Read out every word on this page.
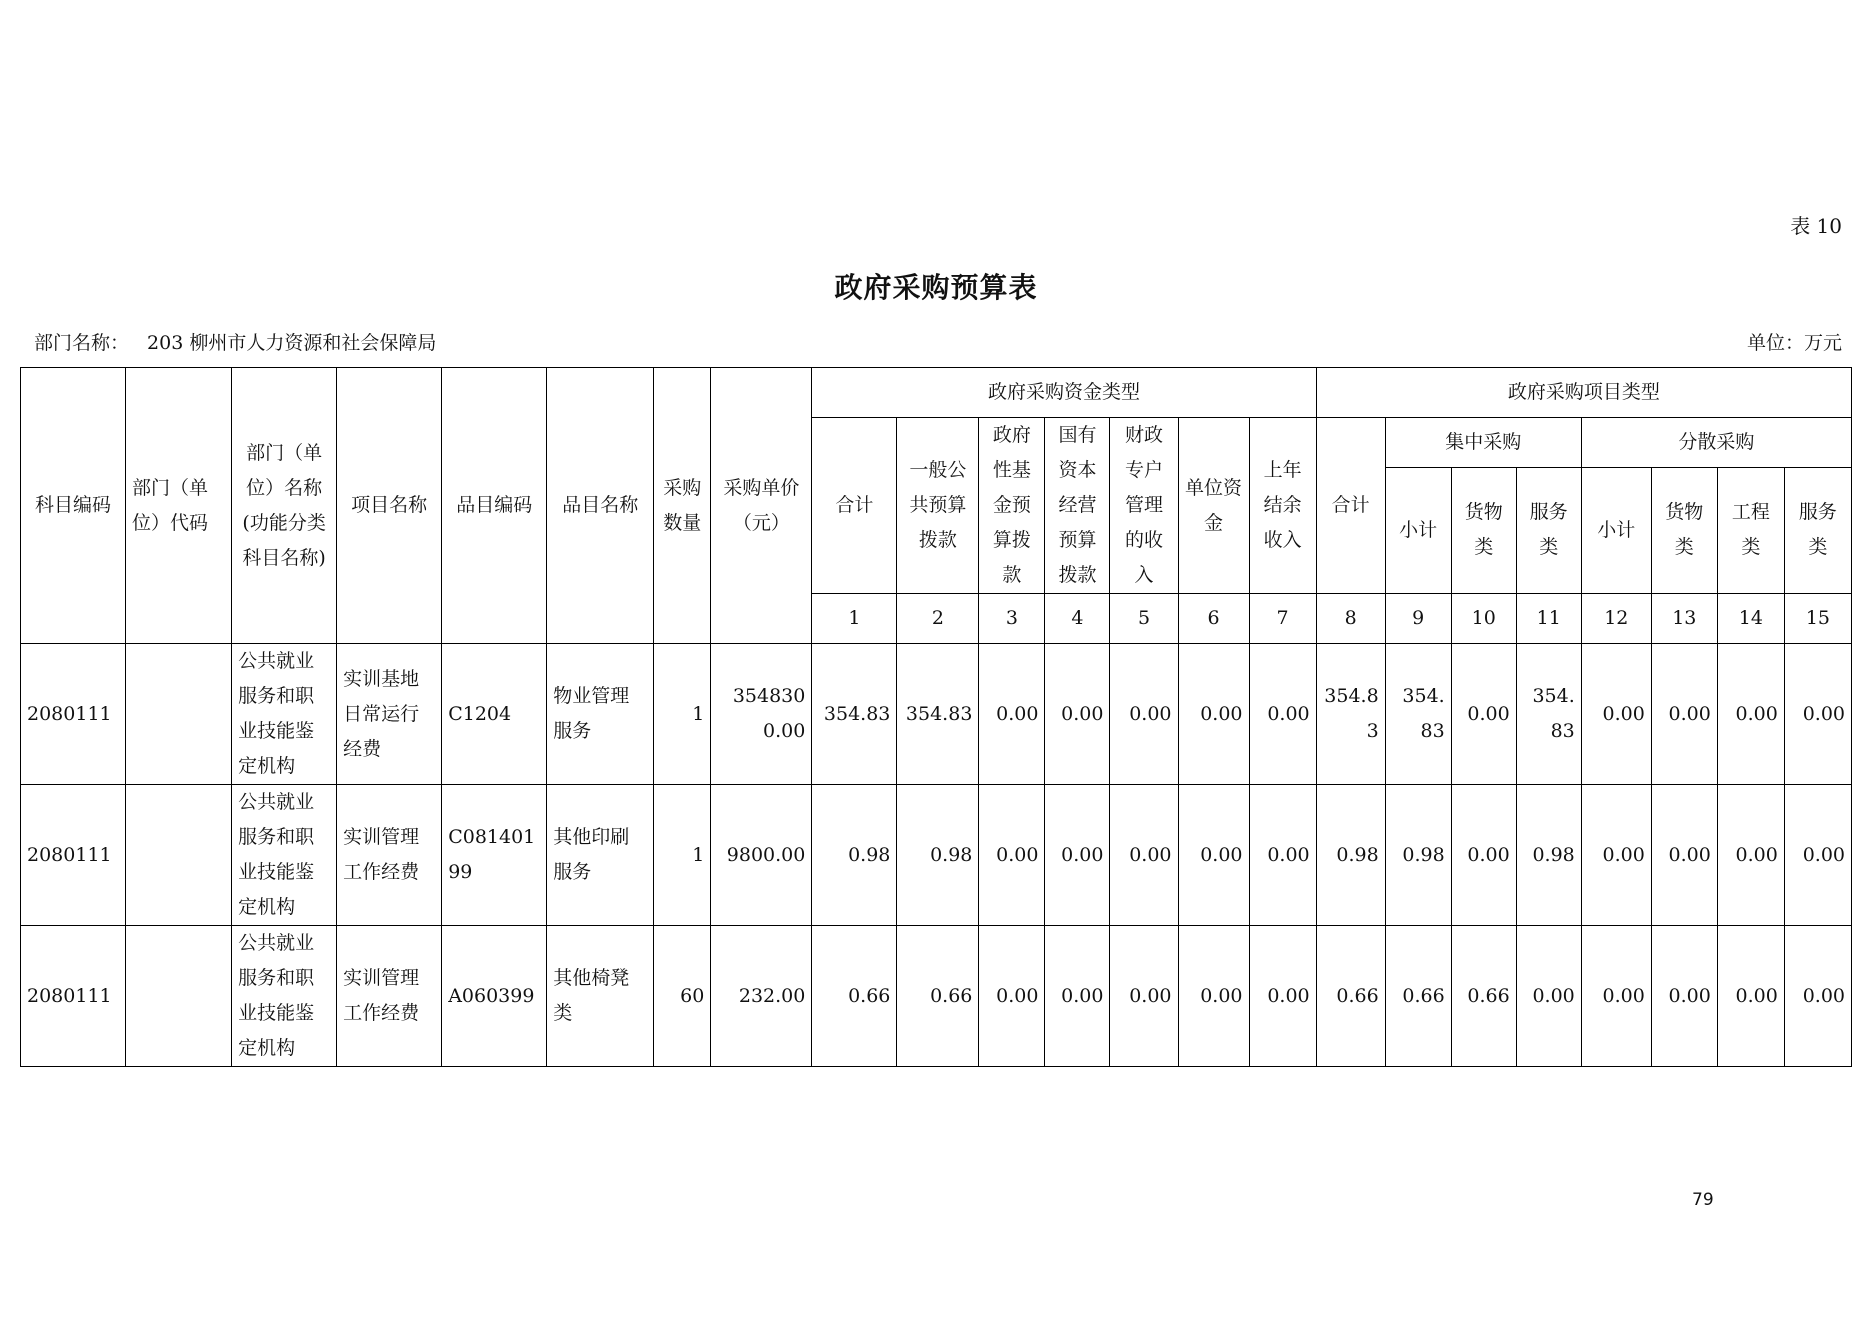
表 10
政府采购预算表
部门名称： 203 柳州市人力资源和社会保障局	单位：万元
科目编码	部门（单位）代码	部门（单位）名称(功能分类科目名称)	项目名称	品目编码	品目名称	采购数量	采购单价（元）	政府采购资金类型							政府采购项目类型							
								合计	一般公共预算拨款	政府性基金预算拨款	国有资本经营预算拨款	财政专户管理的收入	单位资金	上年结余收入	合计	集中采购			分散采购			
																小计	货物类	服务类	小计	货物类	工程类	服务类
								1	2	3	4	5	6	7	8	9	10	11	12	13	14	15
2080111		公共就业服务和职业技能鉴定机构	实训基地日常运行经费	C1204	物业管理服务	1	3548300.00	354.83	354.83	0.00	0.00	0.00	0.00	0.00	354.83	354.83	0.00	354.83	0.00	0.00	0.00	0.00
2080111		公共就业服务和职业技能鉴定机构	实训管理工作经费	C08140199	其他印刷服务	1	9800.00	0.98	0.98	0.00	0.00	0.00	0.00	0.00	0.98	0.98	0.00	0.98	0.00	0.00	0.00	0.00
2080111		公共就业服务和职业技能鉴定机构	实训管理工作经费	A060399	其他椅凳类	60	232.00	0.66	0.66	0.00	0.00	0.00	0.00	0.00	0.66	0.66	0.66	0.00	0.00	0.00	0.00	0.00
79
